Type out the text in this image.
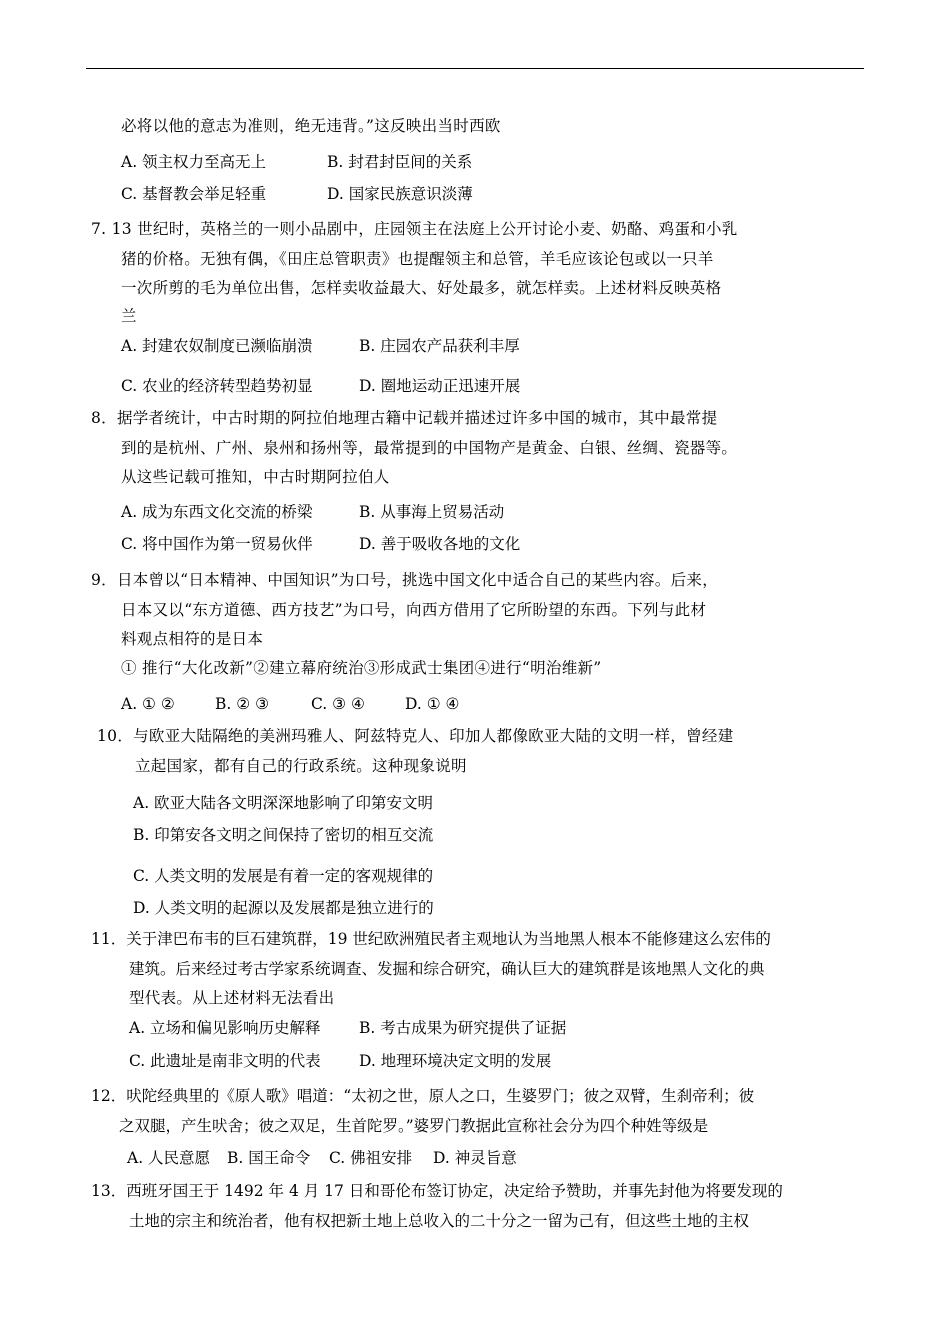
必将以他的意志为准则，绝无违背。”这反映出当时西欧
A. 领主权力至高无上	B. 封君封臣间的关系
C. 基督教会举足轻重	D. 国家民族意识淡薄
7. 13 世纪时，英格兰的一则小品剧中，庄园领主在法庭上公开讨论小麦、奶酪、鸡蛋和小乳
猪的价格。无独有偶，《田庄总管职责》也提醒领主和总管，羊毛应该论包或以一只羊
一次所剪的毛为单位出售，怎样卖收益最大、好处最多，就怎样卖。上述材料反映英格
兰
A. 封建农奴制度已濒临崩溃	B. 庄园农产品获利丰厚
C. 农业的经济转型趋势初显	D. 圈地运动正迅速开展
8．据学者统计，中古时期的阿拉伯地理古籍中记载并描述过许多中国的城市，其中最常提
到的是杭州、广州、泉州和扬州等，最常提到的中国物产是黄金、白银、丝绸、瓷器等。
从这些记载可推知，中古时期阿拉伯人
A. 成为东西文化交流的桥梁	B. 从事海上贸易活动
C. 将中国作为第一贸易伙伴	D. 善于吸收各地的文化
9．日本曾以“日本精神、中国知识”为口号，挑选中国文化中适合自己的某些内容。后来，
日本又以“东方道德、西方技艺”为口号，向西方借用了它所盼望的东西。下列与此材
料观点相符的是日本
① 推行“大化改新”②建立幕府统治③形成武士集团④进行“明治维新”
A. ① ②	B. ② ③	C. ③ ④	D. ① ④
10．与欧亚大陆隔绝的美洲玛雅人、阿兹特克人、印加人都像欧亚大陆的文明一样，曾经建
立起国家，都有自己的行政系统。这种现象说明
A. 欧亚大陆各文明深深地影响了印第安文明
B. 印第安各文明之间保持了密切的相互交流
C. 人类文明的发展是有着一定的客观规律的
D. 人类文明的起源以及发展都是独立进行的
11．关于津巴布韦的巨石建筑群，19 世纪欧洲殖民者主观地认为当地黑人根本不能修建这么宏伟的
建筑。后来经过考古学家系统调查、发掘和综合研究，确认巨大的建筑群是该地黑人文化的典
型代表。从上述材料无法看出
A. 立场和偏见影响历史解释 B. 考古成果为研究提供了证据
C. 此遗址是南非文明的代表 D. 地理环境决定文明的发展
12．吠陀经典里的《原人歌》唱道：“太初之世，原人之口，生婆罗门；彼之双臂，生刹帝利；彼
之双腿，产生吠舍；彼之双足，生首陀罗。”婆罗门教据此宣称社会分为四个种姓等级是
A. 人民意愿 B. 国王命令 C. 佛祖安排 D. 神灵旨意
13．西班牙国王于 1492 年 4 月 17 日和哥伦布签订协定，决定给予赞助，并事先封他为将要发现的
土地的宗主和统治者，他有权把新土地上总收入的二十分之一留为己有，但这些土地的主权
